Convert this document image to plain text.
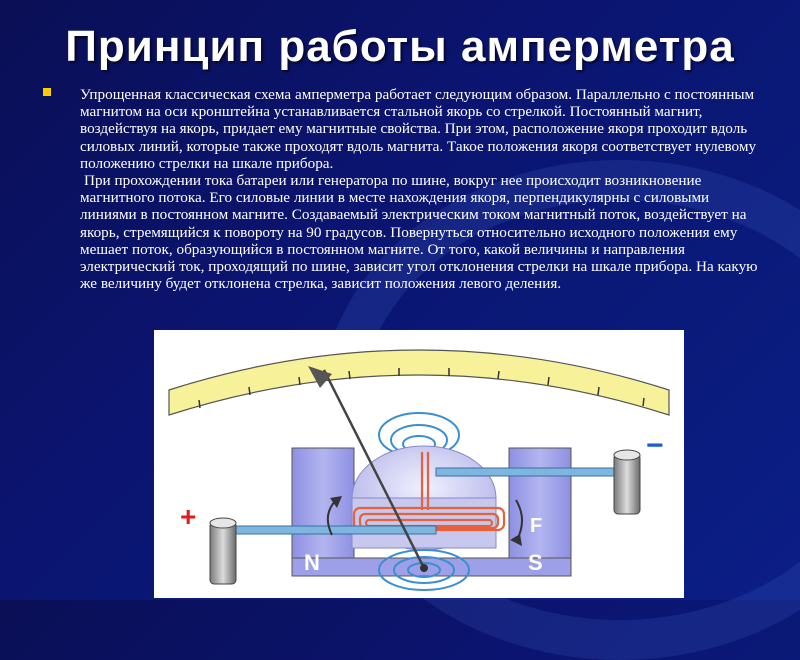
Принцип работы амперметра

Упрощенная классическая схема амперметра работает следующим образом. Параллельно с постоянным магнитом на оси кронштейна устанавливается стальной якорь со стрелкой. Постоянный магнит, воздействуя на якорь, придает ему магнитные свойства. При этом, расположение якоря проходит вдоль силовых линий, которые также проходят вдоль магнита. Такое положения якоря соответствует нулевому положению стрелки на шкале прибора.

При прохождении тока батареи или генератора по шине, вокруг нее происходит возникновение магнитного потока. Его силовые линии в месте нахождения якоря, перпендикулярны с силовыми линиями в постоянном магните. Создаваемый электрическим током магнитный поток, воздействует на якорь, стремящийся к повороту на 90 градусов. Повернуться относительно исходного положения ему мешает поток, образующийся в постоянном магните. От того, какой величины и направления электрический ток, проходящий по шине, зависит угол отклонения стрелки на шкале прибора. На какую же величину будет отклонена стрелка, зависит положения левого деления.

+
−
N	S
F
